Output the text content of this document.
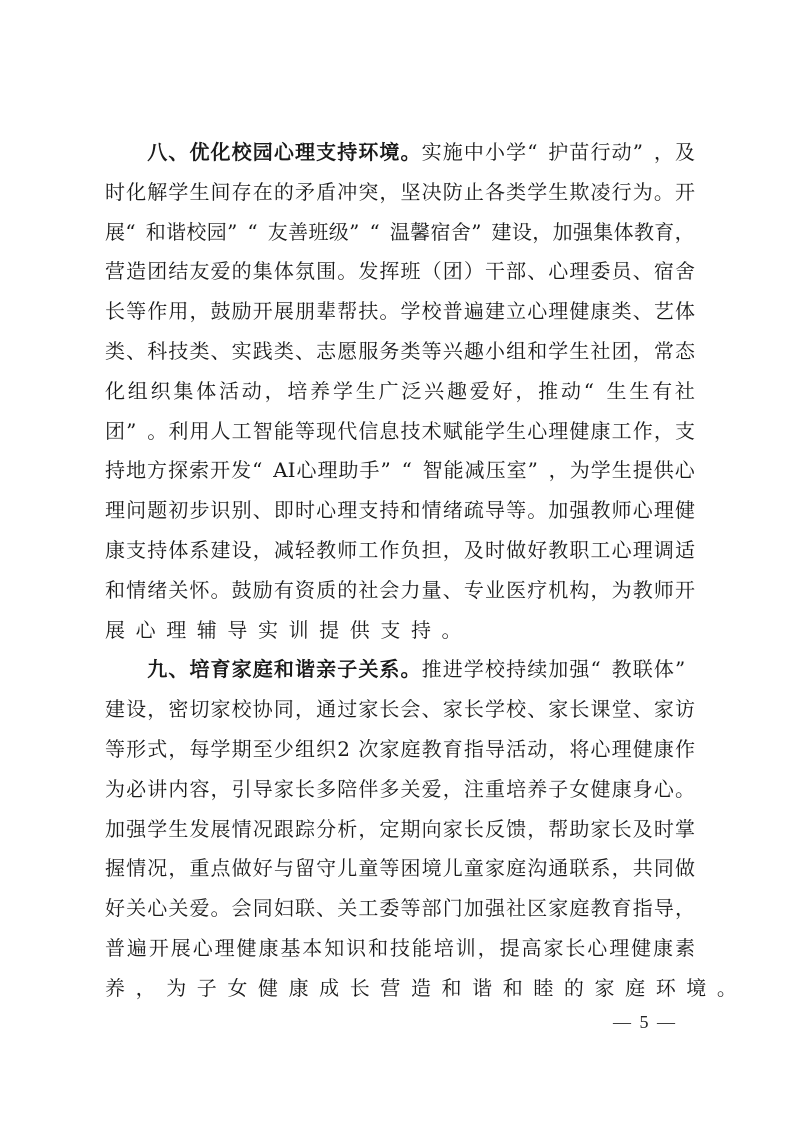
八 、 优 化 校 园 心 理 支 持 环 境 。 实 施 中 小 学 “ 护 苗 行 动 ” ， 及
时 化 解 学 生 间 存 在 的 矛 盾 冲 突 ， 坚 决 防 止 各 类 学 生 欺 凌 行 为 。 开
展 “ 和 谐 校 园 ” “ 友 善 班 级 ” “ 温 馨 宿 舍 ” 建 设 ， 加 强 集 体 教 育 ，
营 造 团 结 友 爱 的 集 体 氛 围 。 发 挥 班 （ 团 ） 干 部 、 心 理 委 员 、 宿 舍
长 等 作 用 ， 鼓 励 开 展 朋 辈 帮 扶 。 学 校 普 遍 建 立 心 理 健 康 类 、 艺 体
类 、 科 技 类 、 实 践 类 、 志 愿 服 务 类 等 兴 趣 小 组 和 学 生 社 团 ， 常 态
化 组 织 集 体 活 动 ， 培 养 学 生 广 泛 兴 趣 爱 好 ， 推 动 “ 生 生 有 社
团 ” 。 利 用 人 工 智 能 等 现 代 信 息 技 术 赋 能 学 生 心 理 健 康 工 作 ， 支
持 地 方 探 索 开 发 “ AI 心 理 助 手 ” “ 智 能 减 压 室 ” ， 为 学 生 提 供 心
理 问 题 初 步 识 别 、 即 时 心 理 支 持 和 情 绪 疏 导 等 。 加 强 教 师 心 理 健
康 支 持 体 系 建 设 ， 减 轻 教 师 工 作 负 担 ， 及 时 做 好 教 职 工 心 理 调 适
和 情 绪 关 怀 。 鼓 励 有 资 质 的 社 会 力 量 、 专 业 医 疗 机 构 ， 为 教 师 开
展 心 理 辅 导 实 训 提 供 支 持 。

九 、 培 育 家 庭 和 谐 亲 子 关 系 。 推 进 学 校 持 续 加 强 “ 教 联 体 ”
建 设 ， 密 切 家 校 协 同 ， 通 过 家 长 会 、 家 长 学 校 、 家 长 课 堂 、 家 访
等 形 式 ， 每 学 期 至 少 组 织 2 次 家 庭 教 育 指 导 活 动 ， 将 心 理 健 康 作
为 必 讲 内 容 ， 引 导 家 长 多 陪 伴 多 关 爱 ， 注 重 培 养 子 女 健 康 身 心 。
加 强 学 生 发 展 情 况 跟 踪 分 析 ， 定 期 向 家 长 反 馈 ， 帮 助 家 长 及 时 掌
握 情 况 ， 重 点 做 好 与 留 守 儿 童 等 困 境 儿 童 家 庭 沟 通 联 系 ， 共 同 做
好 关 心 关 爱 。 会 同 妇 联 、 关 工 委 等 部 门 加 强 社 区 家 庭 教 育 指 导 ，
普 遍 开 展 心 理 健 康 基 本 知 识 和 技 能 培 训 ， 提 高 家 长 心 理 健 康 素
养 ， 为 子 女 健 康 成 长 营 造 和 谐 和 睦 的 家 庭 环 境 。
— 5 —
